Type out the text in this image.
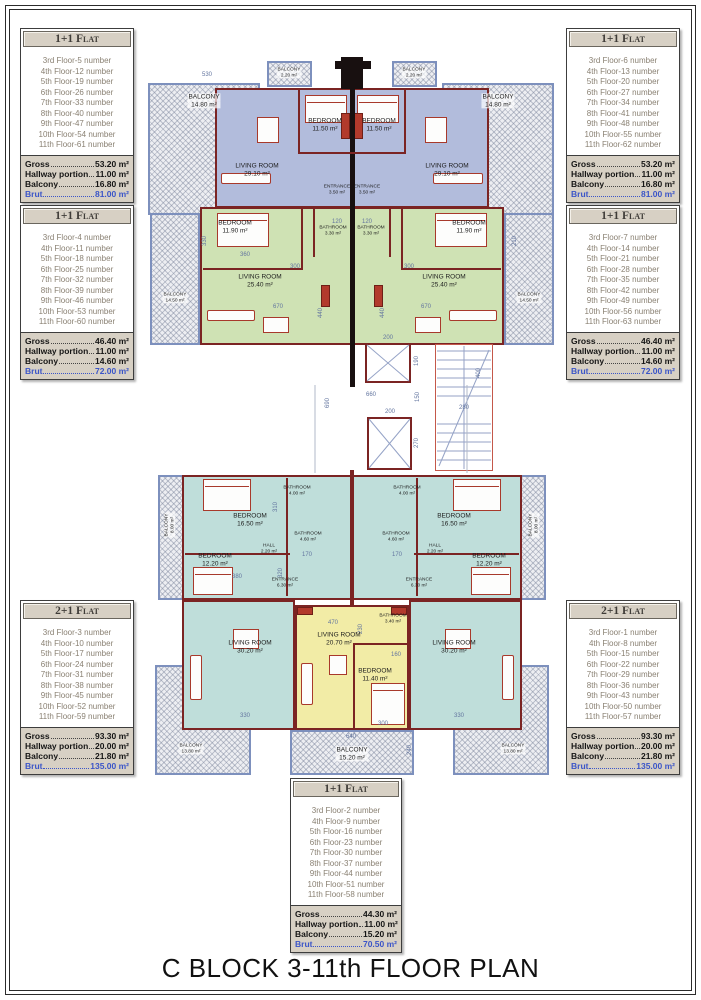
1+1 Flat
3rd Floor-5 number
4th Floor-12 number
5th Floor-19 number
6th Floor-26 number
7th Floor-33 number
8th Floor-40 number
9th Floor-47 number
10th Floor-54 number
11th Floor-61 number
Gross	53.20 m²
Hallway portion 11.00 m²
Balcony	16.80 m²
Brut	81.00 m²
1+1 Flat
3rd Floor-4 number
4th Floor-11 number
5th Floor-18 number
6th Floor-25 number
7th Floor-32 number
8th Floor-39 number
9th Floor-46 number
10th Floor-53 number
11th Floor-60 number
Gross	46.40 m²
Hallway portion 11.00 m²
Balcony	14.60 m²
Brut	72.00 m²
2+1 Flat
3rd Floor-3 number
4th Floor-10 number
5th Floor-17 number
6th Floor-24 number
7th Floor-31 number
8th Floor-38 number
9th Floor-45 number
10th Floor-52 number
11th Floor-59 number
Gross	93.30 m²
Hallway portion 20.00 m²
Balcony	21.80 m²
Brut	135.00 m²
1+1 Flat
3rd Floor-6 number
4th Floor-13 number
5th Floor-20 number
6th Floor-27 number
7th Floor-34 number
8th Floor-41 number
9th Floor-48 number
10th Floor-55 number
11th Floor-62 number
Gross	53.20 m²
Hallway portion 11.00 m²
Balcony	16.80 m²
Brut	81.00 m²
1+1 Flat
3rd Floor-7 number
4th Floor-14 number
5th Floor-21 number
6th Floor-28 number
7th Floor-35 number
8th Floor-42 number
9th Floor-49 number
10th Floor-56 number
11th Floor-63 number
Gross	46.40 m²
Hallway portion 11.00 m²
Balcony	14.60 m²
Brut	72.00 m²
2+1 Flat
3rd Floor-1 number
4th Floor-8 number
5th Floor-15 number
6th Floor-22 number
7th Floor-29 number
8th Floor-36 number
9th Floor-43 number
10th Floor-50 number
11th Floor-57 number
Gross	93.30 m²
Hallway portion 20.00 m²
Balcony	21.80 m²
Brut	135.00 m²
1+1 Flat
3rd Floor-2 number
4th Floor-9 number
5th Floor-16 number
6th Floor-23 number
7th Floor-30 number
8th Floor-37 number
9th Floor-44 number
10th Floor-51 number
11th Floor-58 number
Gross	44.30 m²
Hallway portion 11.00 m²
Balcony	15.20 m²
Brut	70.50 m²
BALCONY
14.80 m²
BALCONY
14.80 m²
BALCONY
2.20 m²
BALCONY
2.20 m²
BEDROOM
11.50 m²
BEDROOM
11.50 m²
LIVING ROOM
29.10 m²
LIVING ROOM
29.10 m²
ENTRANCE
3.50 m²
ENTRANCE
3.50 m²
BATHROOM
3.30 m²
BATHROOM
3.30 m²
BEDROOM
11.90 m²
BEDROOM
11.90 m²
LIVING ROOM
25.40 m²
LIVING ROOM
25.40 m²
BALCONY
14.50 m²
BALCONY
14.50 m²
BALCONY 8.00 m²	BALCONY 8.00 m²
BEDROOM
16.50 m²
BEDROOM
16.50 m²
BEDROOM
12.20 m²
BEDROOM
12.20 m²
HALL
2.20 m²
HALL
2.20 m²
BATHROOM
4.00 m²
BATHROOM
4.00 m²
BATHROOM
4.60 m²
BATHROOM
4.60 m²
ENTRANCE
6.30 m²
ENTRANCE
6.30 m²
LIVING ROOM
30.20 m²
LIVING ROOM
30.20 m²
LIVING ROOM
20.70 m²
BEDROOM
11.40 m²
BATHROOM
3.40 m²
BALCONY
13.80 m²
BALCONY
13.80 m²
BALCONY
15.20 m²
530
120	120
360
330
670	670
440	440
300	300
200
200
190
660	150
690
270
400
280
310
380	320
170	170
330	330
470
230
160
300
640
240
210
C BLOCK 3-11th FLOOR PLAN
